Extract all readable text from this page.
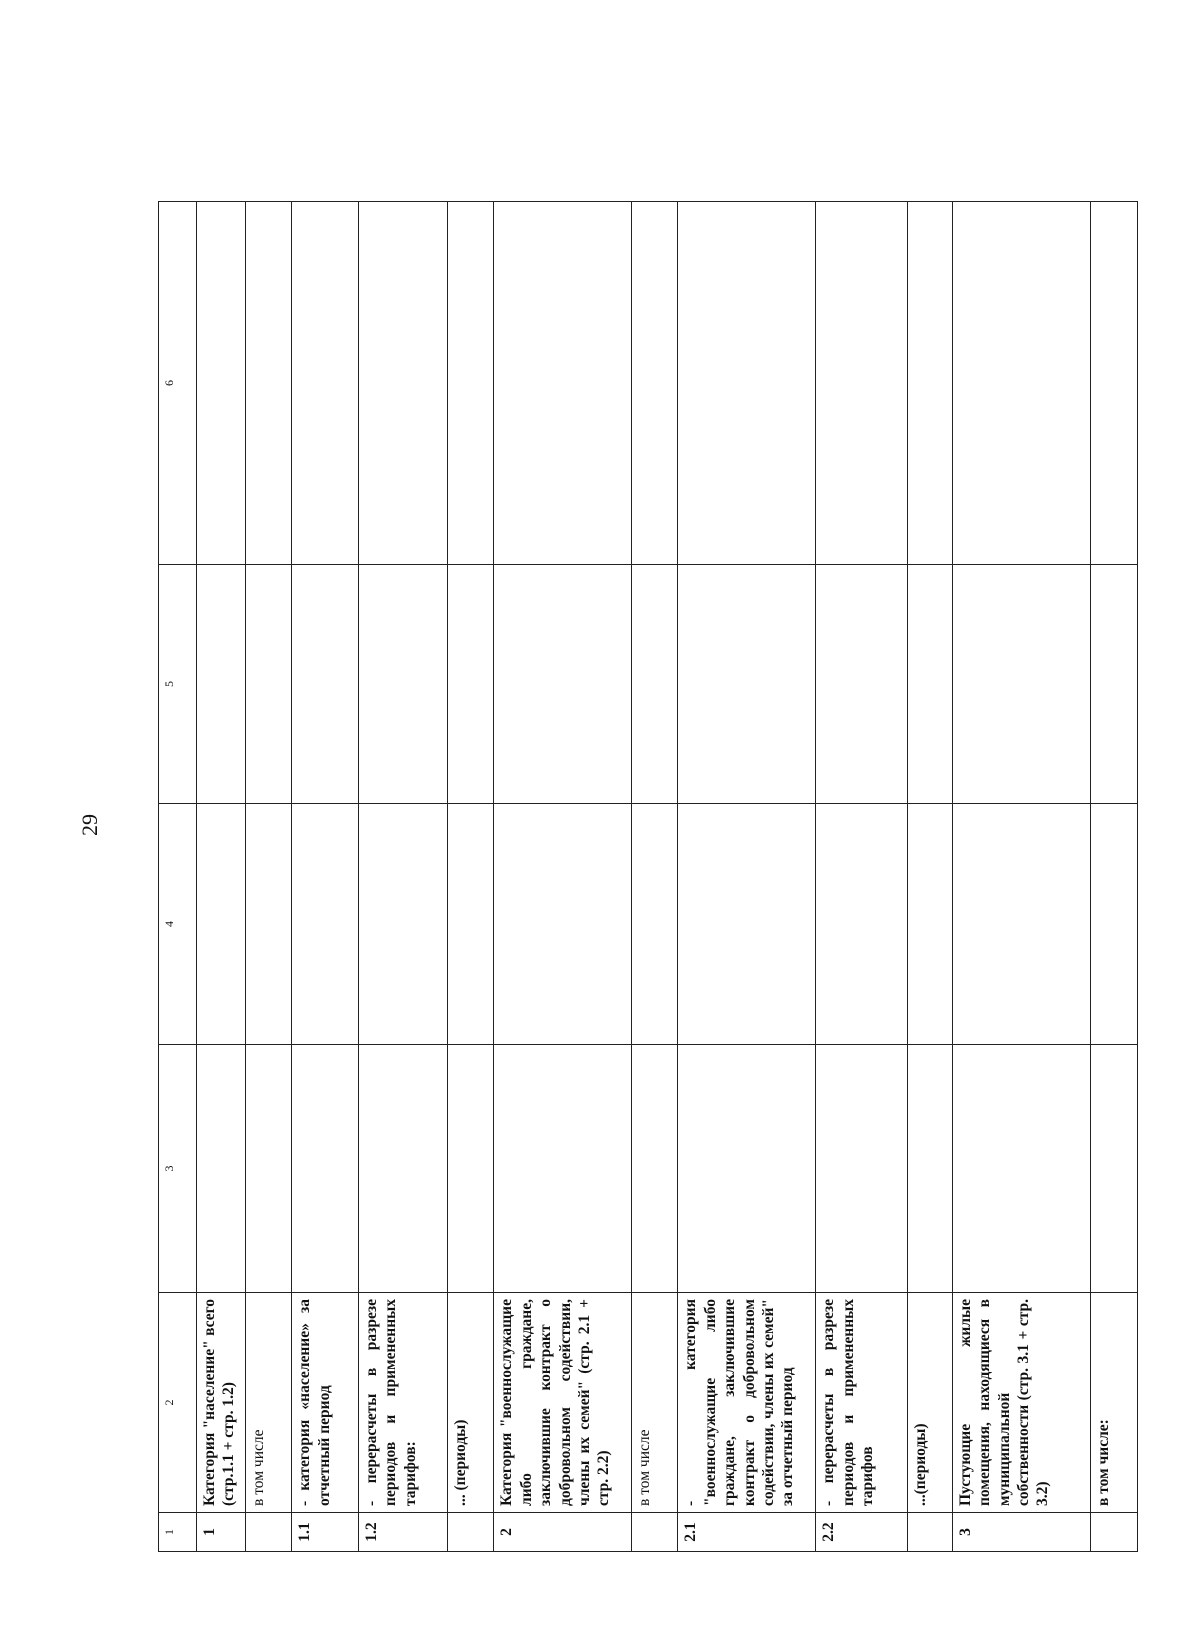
29
1	2	3	4	5	6
1	Категория "население" всего (стр.1.1 + стр. 1.2)				
	в том числе				
1.1	- категория «население» за отчетный период				
1.2	- перерасчеты в разрезе периодов и примененных тарифов:				
	... (периоды)				
2	Категория "военнослужащие либо граждане, заключившие контракт о добровольном содействии, члены их семей" (стр. 2.1 + стр. 2.2)				
	в том числе				
2.1	- категория "военнослужащие либо граждане, заключившие контракт о добровольном содействии, члены их семей" за отчетный период				
2.2	- перерасчеты в разрезе периодов и примененных тарифов				
	...(периоды)				
3	Пустующие жилые помещения, находящиеся в муниципальной собственности (стр. 3.1 + стр. 3.2)				
	в том числе:				
